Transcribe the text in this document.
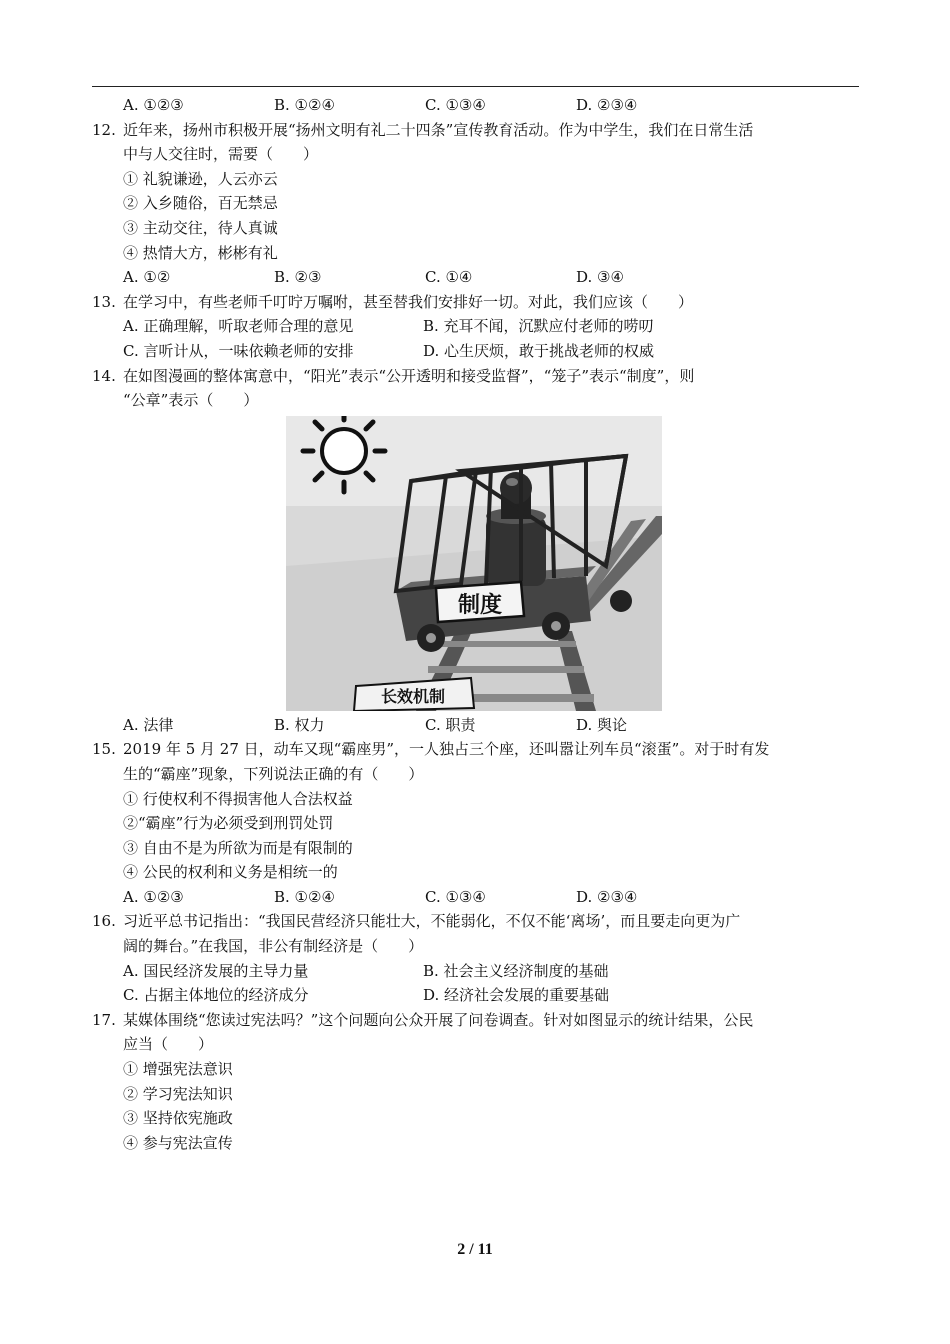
A. ①②③	B. ①②④	C. ①③④	D. ②③④
12. 近年来，扬州市积极开展“扬州文明有礼二十四条”宣传教育活动。作为中学生，我们在日常生活
中与人交往时，需要（　　）
① 礼貌谦逊，人云亦云
② 入乡随俗，百无禁忌
③ 主动交往，待人真诚
④ 热情大方，彬彬有礼
A. ①②	B. ②③	C. ①④	D. ③④
13. 在学习中，有些老师千叮咛万嘱咐，甚至替我们安排好一切。对此，我们应该（　　）
A. 正确理解，听取老师合理的意见	B. 充耳不闻，沉默应付老师的唠叨
C. 言听计从，一味依赖老师的安排	D. 心生厌烦，敢于挑战老师的权威
14. 在如图漫画的整体寓意中，“阳光”表示“公开透明和接受监督”，“笼子”表示“制度”，则
“公章”表示（　　）
长效机制
制度
A. 法律	B. 权力	C. 职责	D. 舆论
15. 2019 年 5 月 27 日，动车又现“霸座男”，一人独占三个座，还叫嚣让列车员“滚蛋”。对于时有发
生的“霸座”现象，下列说法正确的有（　　）
① 行使权利不得损害他人合法权益
②“霸座”行为必须受到刑罚处罚
③ 自由不是为所欲为而是有限制的
④ 公民的权利和义务是相统一的
A. ①②③	B. ①②④	C. ①③④	D. ②③④
16. 习近平总书记指出：“我国民营经济只能壮大，不能弱化，不仅不能‘离场’，而且要走向更为广
阔的舞台。”在我国，非公有制经济是（　　）
A. 国民经济发展的主导力量	B. 社会主义经济制度的基础
C. 占据主体地位的经济成分	D. 经济社会发展的重要基础
17. 某媒体围绕“您读过宪法吗？”这个问题向公众开展了问卷调查。针对如图显示的统计结果，公民
应当（　　）
① 增强宪法意识
② 学习宪法知识
③ 坚持依宪施政
④ 参与宪法宣传
2 / 11
